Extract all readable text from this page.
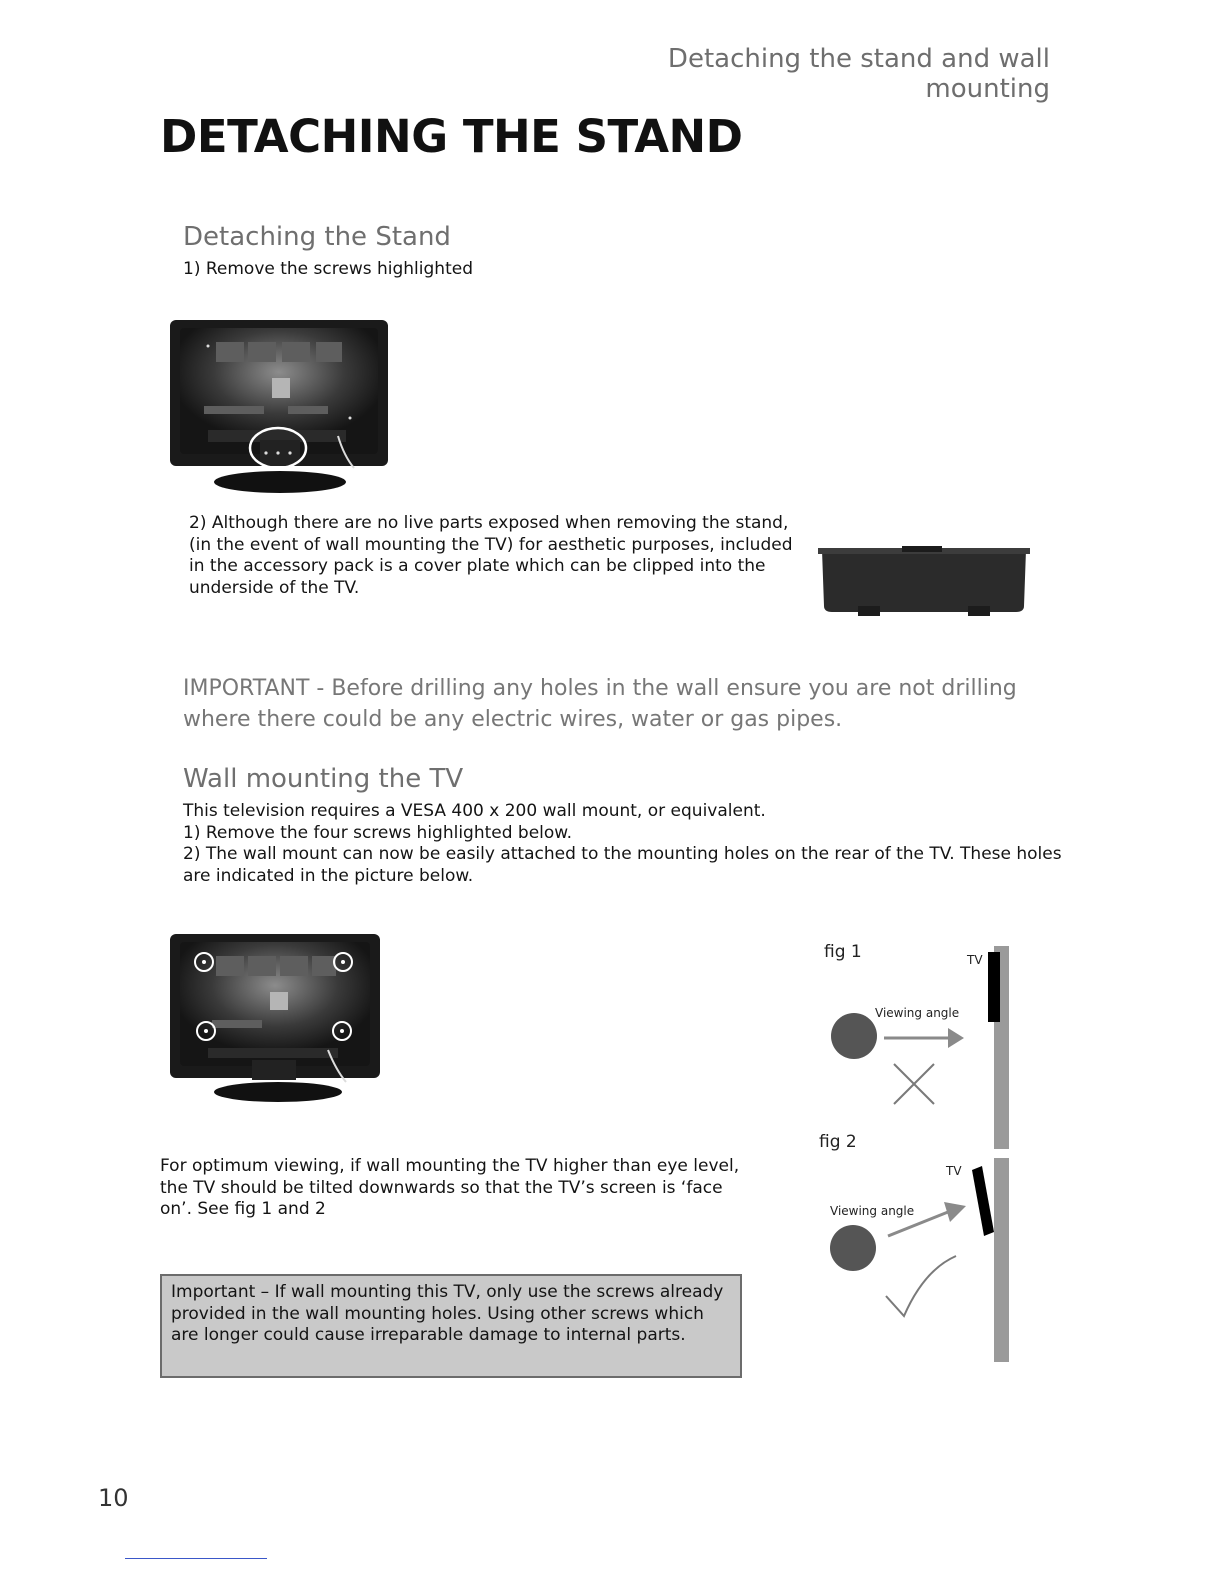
Detaching the stand and wall mounting
DETACHING THE STAND
Detaching the Stand
1) Remove the screws highlighted
2) Although there are no live parts exposed when removing the stand,
(in the event of wall mounting the TV) for aesthetic purposes, included
in the accessory pack is a cover plate which can be clipped into the
underside of the TV.
IMPORTANT - Before drilling any holes in the wall ensure you are not drilling
where there could be any electric wires, water or gas pipes.
Wall mounting the TV
This television requires a VESA 400 x 200 wall mount, or equivalent.
1) Remove the four screws highlighted below.
2) The wall mount can now be easily attached to the mounting holes on the rear of the TV. These holes
are indicated in the picture below.
For optimum viewing, if wall mounting the TV higher than eye level,
the TV should be tilted downwards so that the TV’s screen is ‘face
on’. See fig 1 and 2
Important – If wall mounting this TV, only use the screws already
provided in the wall mounting holes. Using other screws which
are longer could cause irreparable damage to internal parts.
fig 1	TV
Viewing angle
fig 2
TV
Viewing angle
10
